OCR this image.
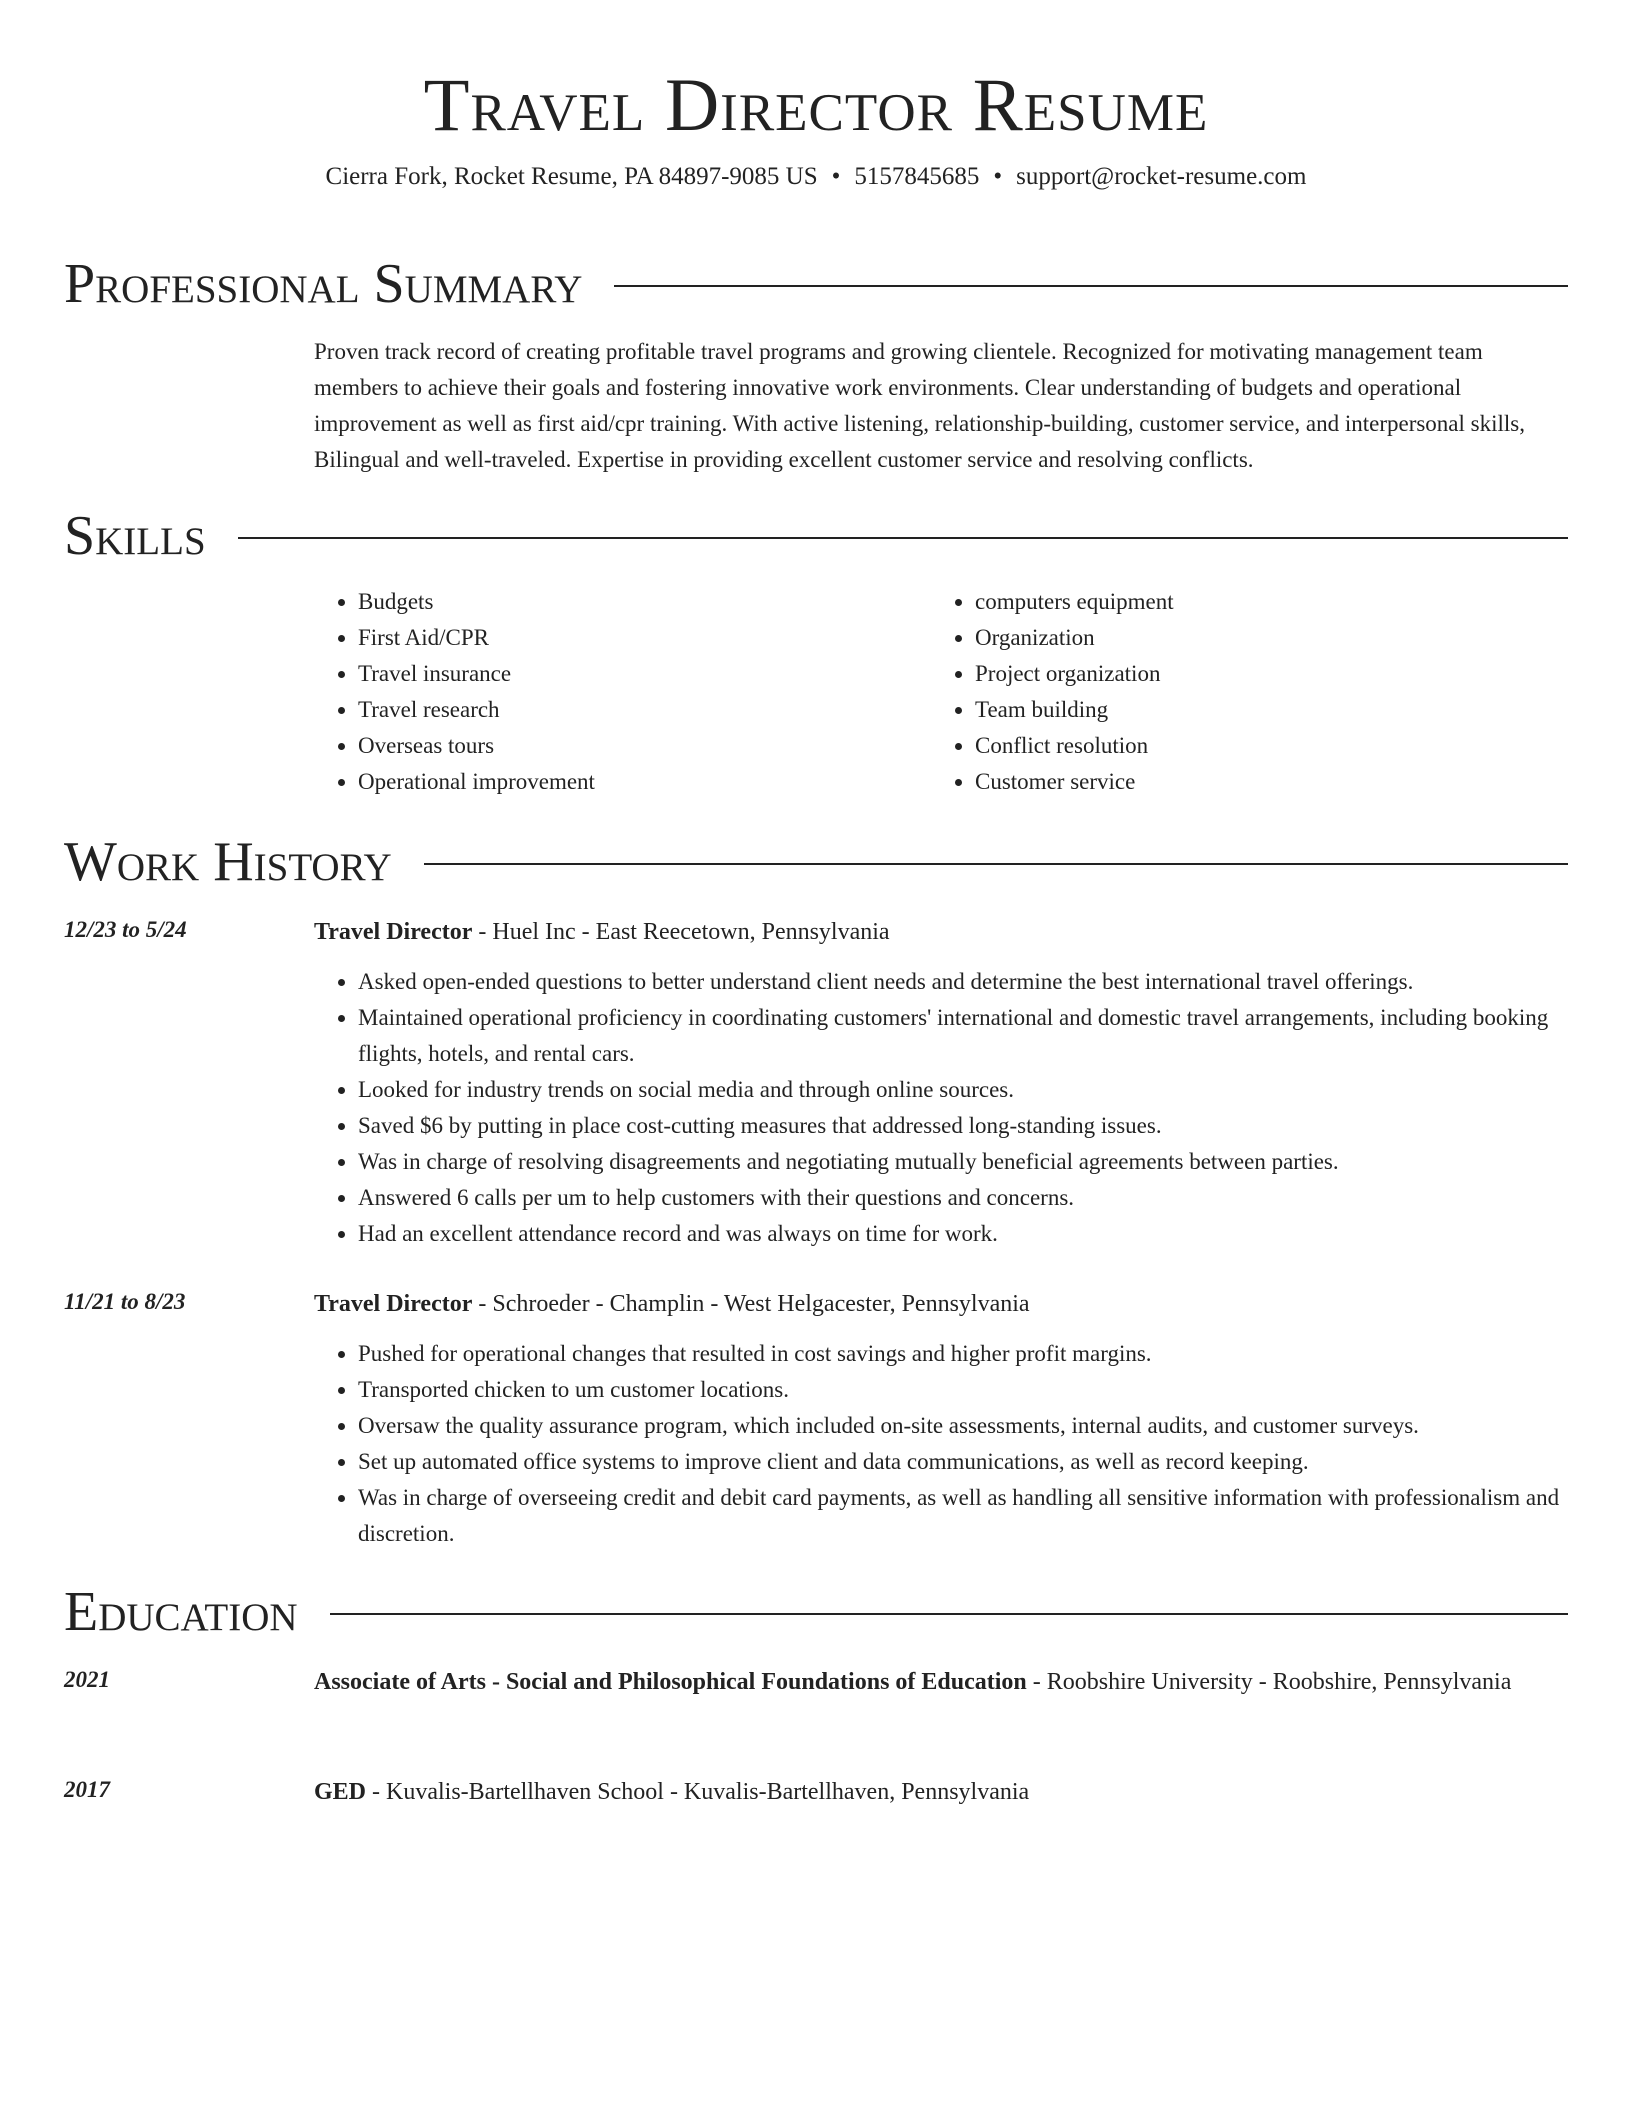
Travel Director Resume
Cierra Fork, Rocket Resume, PA 84897-9085 US • 5157845685 • support@rocket-resume.com
Professional Summary
Proven track record of creating profitable travel programs and growing clientele. Recognized for motivating management team members to achieve their goals and fostering innovative work environments. Clear understanding of budgets and operational improvement as well as first aid/cpr training. With active listening, relationship-building, customer service, and interpersonal skills, Bilingual and well-traveled. Expertise in providing excellent customer service and resolving conflicts.
Skills
• Budgets
• First Aid/CPR
• Travel insurance
• Travel research
• Overseas tours
• Operational improvement
• computers equipment
• Organization
• Project organization
• Team building
• Conflict resolution
• Customer service
Work History
12/23 to 5/24	Travel Director - Huel Inc - East Reecetown, Pennsylvania
• Asked open-ended questions to better understand client needs and determine the best international travel offerings.
• Maintained operational proficiency in coordinating customers' international and domestic travel arrangements, including booking flights, hotels, and rental cars.
• Looked for industry trends on social media and through online sources.
• Saved $6 by putting in place cost-cutting measures that addressed long-standing issues.
• Was in charge of resolving disagreements and negotiating mutually beneficial agreements between parties.
• Answered 6 calls per um to help customers with their questions and concerns.
• Had an excellent attendance record and was always on time for work.
11/21 to 8/23	Travel Director - Schroeder - Champlin - West Helgacester, Pennsylvania
• Pushed for operational changes that resulted in cost savings and higher profit margins.
• Transported chicken to um customer locations.
• Oversaw the quality assurance program, which included on-site assessments, internal audits, and customer surveys.
• Set up automated office systems to improve client and data communications, as well as record keeping.
• Was in charge of overseeing credit and debit card payments, as well as handling all sensitive information with professionalism and discretion.
Education
2021	Associate of Arts - Social and Philosophical Foundations of Education - Roobshire University - Roobshire, Pennsylvania
2017	GED - Kuvalis-Bartellhaven School - Kuvalis-Bartellhaven, Pennsylvania
